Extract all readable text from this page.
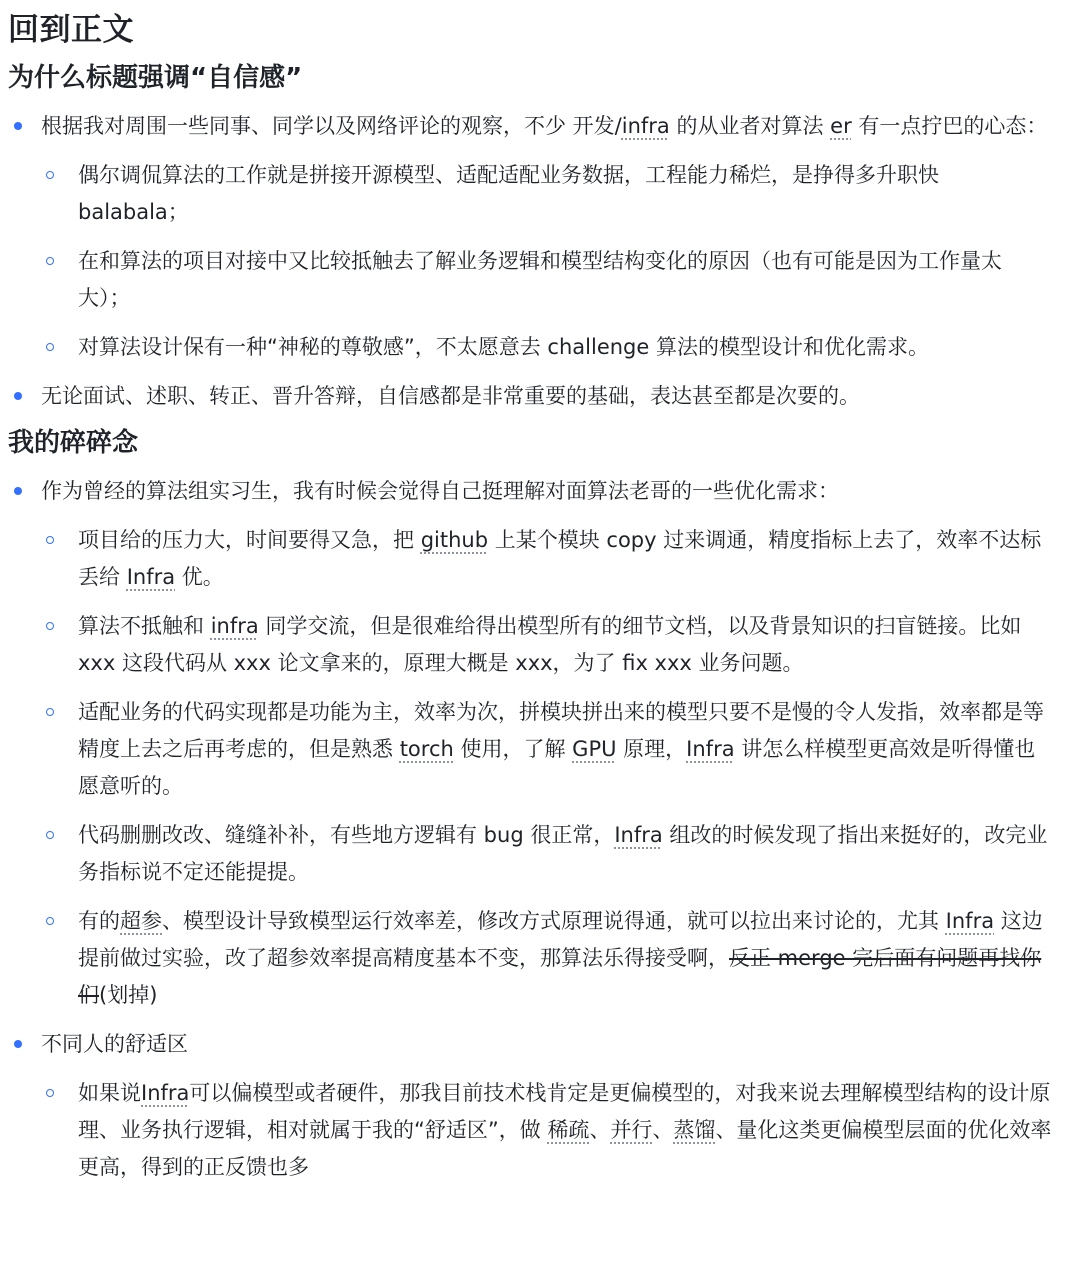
回到正文
为什么标题强调“自信感”
根据我对周围一些同事、同学以及网络评论的观察，不少 开发/infra 的从业者对算法 er 有一点拧巴的心态：
偶尔调侃算法的工作就是拼接开源模型、适配适配业务数据，工程能力稀烂，是挣得多升职快 balabala；
在和算法的项目对接中又比较抵触去了解业务逻辑和模型结构变化的原因（也有可能是因为工作量太大）；
对算法设计保有一种“神秘的尊敬感”，不太愿意去 challenge 算法的模型设计和优化需求。
无论面试、述职、转正、晋升答辩，自信感都是非常重要的基础，表达甚至都是次要的。
我的碎碎念
作为曾经的算法组实习生，我有时候会觉得自己挺理解对面算法老哥的一些优化需求：
项目给的压力大，时间要得又急，把 github 上某个模块 copy 过来调通，精度指标上去了，效率不达标丢给 Infra 优。
算法不抵触和 infra 同学交流，但是很难给得出模型所有的细节文档，以及背景知识的扫盲链接。比如 xxx 这段代码从 xxx 论文拿来的，原理大概是 xxx，为了 fix xxx 业务问题。
适配业务的代码实现都是功能为主，效率为次，拼模块拼出来的模型只要不是慢的令人发指，效率都是等精度上去之后再考虑的，但是熟悉 torch 使用，了解 GPU 原理，Infra 讲怎么样模型更高效是听得懂也愿意听的。
代码删删改改、缝缝补补，有些地方逻辑有 bug 很正常，Infra 组改的时候发现了指出来挺好的，改完业务指标说不定还能提提。
有的超参、模型设计导致模型运行效率差，修改方式原理说得通，就可以拉出来讨论的，尤其 Infra 这边提前做过实验，改了超参效率提高精度基本不变，那算法乐得接受啊，反正 merge 完后面有问题再找你们(划掉)
不同人的舒适区
如果说Infra可以偏模型或者硬件，那我目前技术栈肯定是更偏模型的，对我来说去理解模型结构的设计原理、业务执行逻辑，相对就属于我的“舒适区”，做 稀疏、并行、蒸馏、量化这类更偏模型层面的优化效率更高，得到的正反馈也多
